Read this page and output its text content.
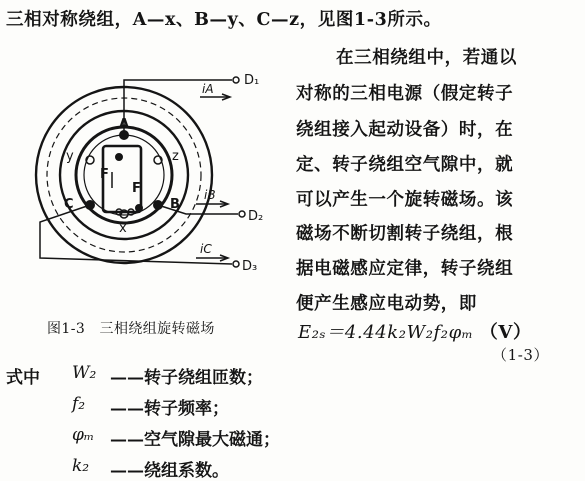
三相对称绕组，A—x、B—y、C—z，见图1-3所示。
A
B
C
x
y	z
D₁
D₂
D₃
iA
iB
iC
F
F
图1-3　三相绕组旋转磁场
在三相绕组中，若通以
对称的三相电源（假定转子
绕组接入起动设备）时，在
定、转子绕组空气隙中，就
可以产生一个旋转磁场。该
磁场不断切割转子绕组，根
据电磁感应定律，转子绕组
便产生感应电动势，即
E₂ₛ＝4.44k₂W₂f₂φₘ （V）
（1-3）
式中 W₂ ——转子绕组匝数；
f₂ ——转子频率；
φₘ ——空气隙最大磁通；
k₂ ——绕组系数。
